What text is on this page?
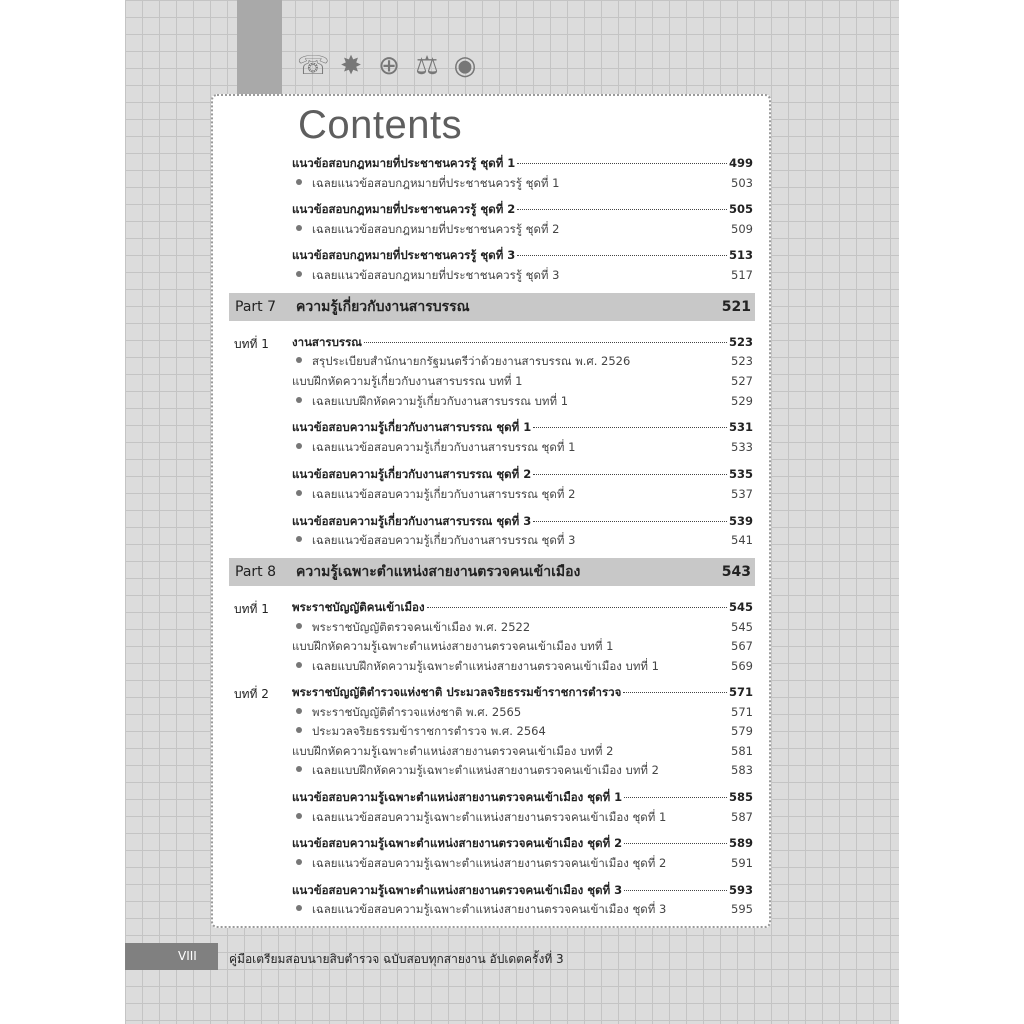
☏ ✸ ⊕ ⚖ ◉
Contents
แนวข้อสอบกฎหมายที่ประชาชนควรรู้ ชุดที่ 1	499
เฉลยแนวข้อสอบกฎหมายที่ประชาชนควรรู้ ชุดที่ 1	503
แนวข้อสอบกฎหมายที่ประชาชนควรรู้ ชุดที่ 2	505
เฉลยแนวข้อสอบกฎหมายที่ประชาชนควรรู้ ชุดที่ 2	509
แนวข้อสอบกฎหมายที่ประชาชนควรรู้ ชุดที่ 3	513
เฉลยแนวข้อสอบกฎหมายที่ประชาชนควรรู้ ชุดที่ 3	517
Part 7	ความรู้เกี่ยวกับงานสารบรรณ	521
บทที่ 1 งานสารบรรณ	523
สรุประเบียบสำนักนายกรัฐมนตรีว่าด้วยงานสารบรรณ พ.ศ. 2526	523
แบบฝึกหัดความรู้เกี่ยวกับงานสารบรรณ บทที่ 1	527
เฉลยแบบฝึกหัดความรู้เกี่ยวกับงานสารบรรณ บทที่ 1	529
แนวข้อสอบความรู้เกี่ยวกับงานสารบรรณ ชุดที่ 1	531
เฉลยแนวข้อสอบความรู้เกี่ยวกับงานสารบรรณ ชุดที่ 1	533
แนวข้อสอบความรู้เกี่ยวกับงานสารบรรณ ชุดที่ 2	535
เฉลยแนวข้อสอบความรู้เกี่ยวกับงานสารบรรณ ชุดที่ 2	537
แนวข้อสอบความรู้เกี่ยวกับงานสารบรรณ ชุดที่ 3	539
เฉลยแนวข้อสอบความรู้เกี่ยวกับงานสารบรรณ ชุดที่ 3	541
Part 8	ความรู้เฉพาะตำแหน่งสายงานตรวจคนเข้าเมือง	543
บทที่ 1 พระราชบัญญัติคนเข้าเมือง	545
พระราชบัญญัติตรวจคนเข้าเมือง พ.ศ. 2522	545
แบบฝึกหัดความรู้เฉพาะตำแหน่งสายงานตรวจคนเข้าเมือง บทที่ 1	567
เฉลยแบบฝึกหัดความรู้เฉพาะตำแหน่งสายงานตรวจคนเข้าเมือง บทที่ 1	569
บทที่ 2 พระราชบัญญัติตำรวจแห่งชาติ ประมวลจริยธรรมข้าราชการตำรวจ	571
พระราชบัญญัติตำรวจแห่งชาติ พ.ศ. 2565	571
ประมวลจริยธรรมข้าราชการตำรวจ พ.ศ. 2564	579
แบบฝึกหัดความรู้เฉพาะตำแหน่งสายงานตรวจคนเข้าเมือง บทที่ 2	581
เฉลยแบบฝึกหัดความรู้เฉพาะตำแหน่งสายงานตรวจคนเข้าเมือง บทที่ 2	583
แนวข้อสอบความรู้เฉพาะตำแหน่งสายงานตรวจคนเข้าเมือง ชุดที่ 1	585
เฉลยแนวข้อสอบความรู้เฉพาะตำแหน่งสายงานตรวจคนเข้าเมือง ชุดที่ 1	587
แนวข้อสอบความรู้เฉพาะตำแหน่งสายงานตรวจคนเข้าเมือง ชุดที่ 2	589
เฉลยแนวข้อสอบความรู้เฉพาะตำแหน่งสายงานตรวจคนเข้าเมือง ชุดที่ 2	591
แนวข้อสอบความรู้เฉพาะตำแหน่งสายงานตรวจคนเข้าเมือง ชุดที่ 3	593
เฉลยแนวข้อสอบความรู้เฉพาะตำแหน่งสายงานตรวจคนเข้าเมือง ชุดที่ 3	595
VIII	คู่มือเตรียมสอบนายสิบตำรวจ ฉบับสอบทุกสายงาน อัปเดตครั้งที่ 3
